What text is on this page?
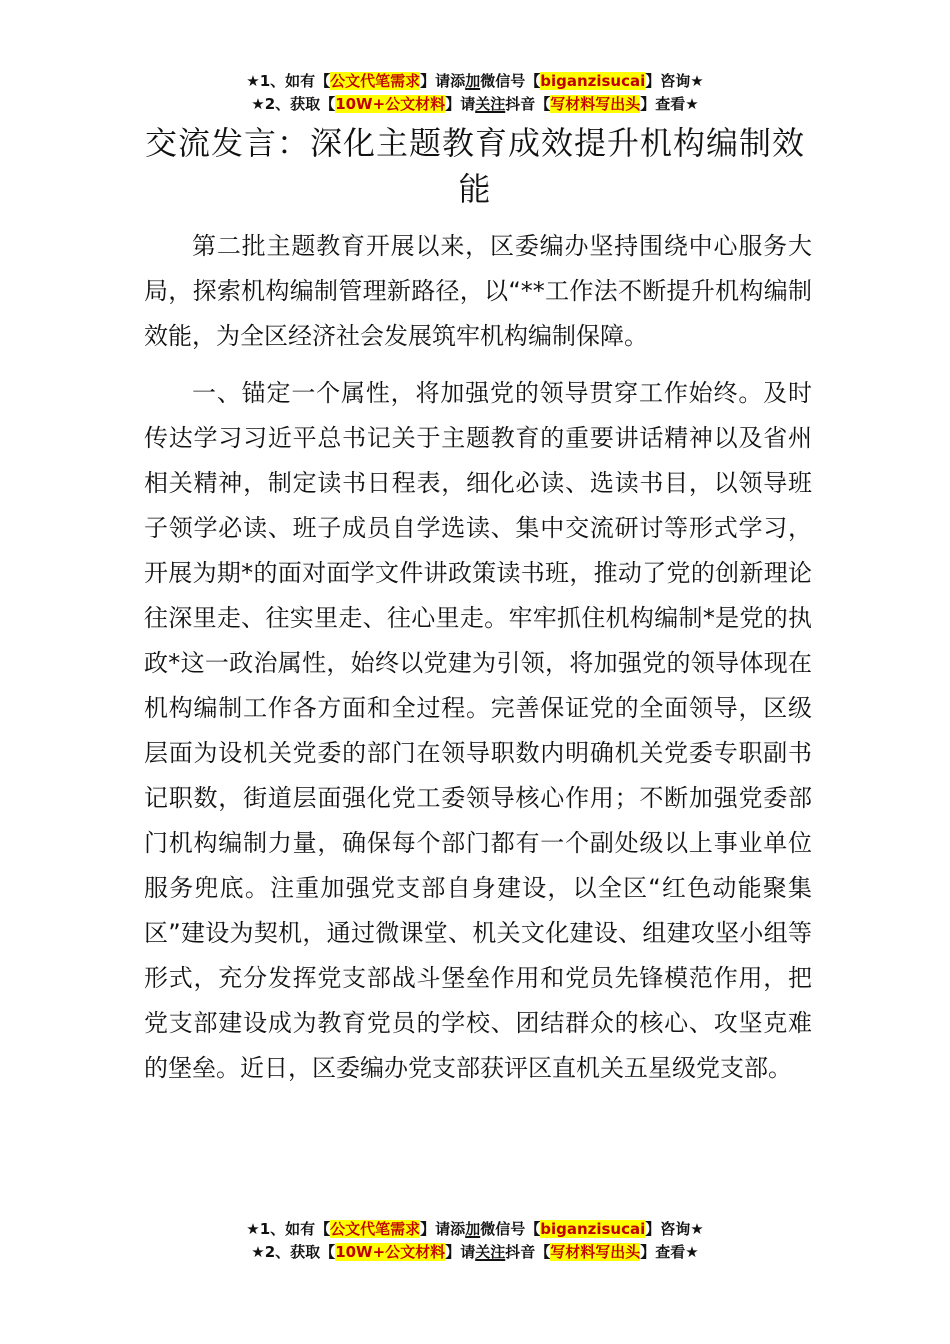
★1、如有【公文代笔需求】请添加微信号【biganzisucai】咨询★
★2、获取【10W+公文材料】请关注抖音【写材料写出头】查看★
交流发言：深化主题教育成效提升机构编制效能

第二批主题教育开展以来，区委编办坚持围绕中心服务大局，探索机构编制管理新路径，以“**工作法不断提升机构编制效能，为全区经济社会发展筑牢机构编制保障。

一、锚定一个属性，将加强党的领导贯穿工作始终。及时传达学习习近平总书记关于主题教育的重要讲话精神以及省州相关精神，制定读书日程表，细化必读、选读书目，以领导班子领学必读、班子成员自学选读、集中交流研讨等形式学习，开展为期*的面对面学文件讲政策读书班，推动了党的创新理论往深里走、往实里走、往心里走。牢牢抓住机构编制*是党的执政*这一政治属性，始终以党建为引领，将加强党的领导体现在机构编制工作各方面和全过程。完善保证党的全面领导，区级层面为设机关党委的部门在领导职数内明确机关党委专职副书记职数，街道层面强化党工委领导核心作用；不断加强党委部门机构编制力量，确保每个部门都有一个副处级以上事业单位服务兜底。注重加强党支部自身建设，以全区“红色动能聚集区”建设为契机，通过微课堂、机关文化建设、组建攻坚小组等形式，充分发挥党支部战斗堡垒作用和党员先锋模范作用，把党支部建设成为教育党员的学校、团结群众的核心、攻坚克难的堡垒。近日，区委编办党支部获评区直机关五星级党支部。

★1、如有【公文代笔需求】请添加微信号【biganzisucai】咨询★
★2、获取【10W+公文材料】请关注抖音【写材料写出头】查看★
